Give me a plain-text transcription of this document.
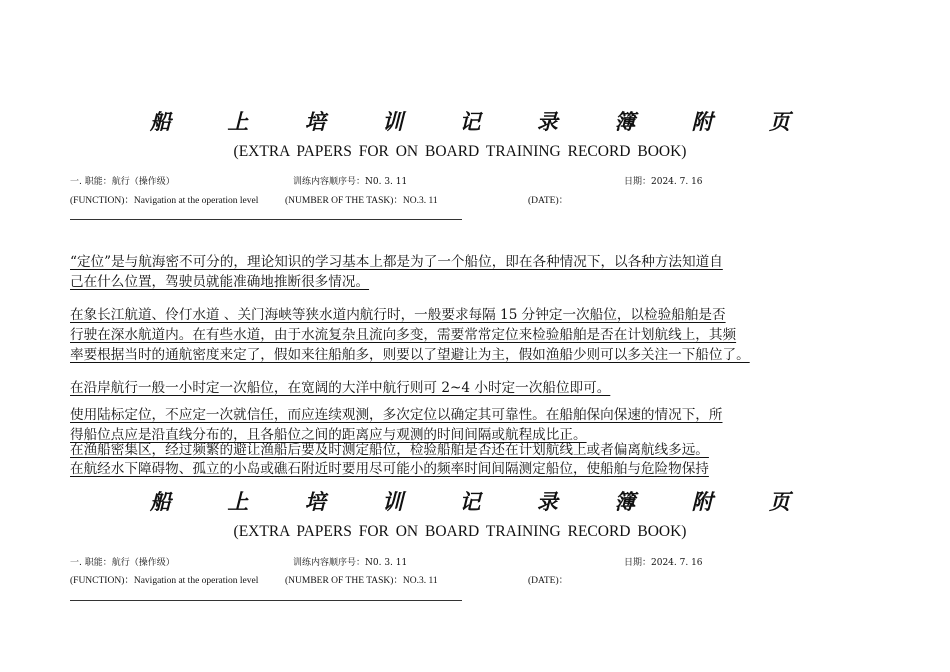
船	上	培	训	记	录	簿	附	页
(EXTRA PAPERS FOR ON BOARD TRAINING RECORD BOOK)
一. 职能：航行（操作级）	训练内容顺序号：N0. 3. 11	日期：2024. 7. 16
(FUNCTION)：Navigation at the operation level	(NUMBER OF THE TASK)：NO.3. 11	(DATE)：

“定位”是与航海密不可分的，理论知识的学习基本上都是为了一个船位，即在各种情况下，以各种方法知道自
己在什么位置，驾驶员就能准确地推断很多情况。

在象长江航道、伶仃水道 、关门海峡等狭水道内航行时，一般要求每隔 15 分钟定一次船位，以检验船舶是否
行驶在深水航道内。在有些水道，由于水流复杂且流向多变，需要常常定位来检验船舶是否在计划航线上，其频
率要根据当时的通航密度来定了，假如来往船舶多，则要以了望避让为主，假如渔船少则可以多关注一下船位了。

在沿岸航行一般一小时定一次船位，在宽阔的大洋中航行则可 2~4 小时定一次船位即可。

使用陆标定位，不应定一次就信任，而应连续观测，多次定位以确定其可靠性。在船舶保向保速的情况下，所
得船位点应是沿直线分布的，且各船位之间的距离应与观测的时间间隔或航程成比正。

在渔船密集区，经过频繁的避让渔船后要及时测定船位，检验船舶是否还在计划航线上或者偏离航线多远。

在航经水下障碍物、孤立的小岛或礁石附近时要用尽可能小的频率时间间隔测定船位，使船舶与危险物保持

船	上	培	训	记	录	簿	附	页
(EXTRA PAPERS FOR ON BOARD TRAINING RECORD BOOK)
一. 职能：航行（操作级）	训练内容顺序号：N0. 3. 11	日期：2024. 7. 16
(FUNCTION)：Navigation at the operation level	(NUMBER OF THE TASK)：NO.3. 11	(DATE)：
